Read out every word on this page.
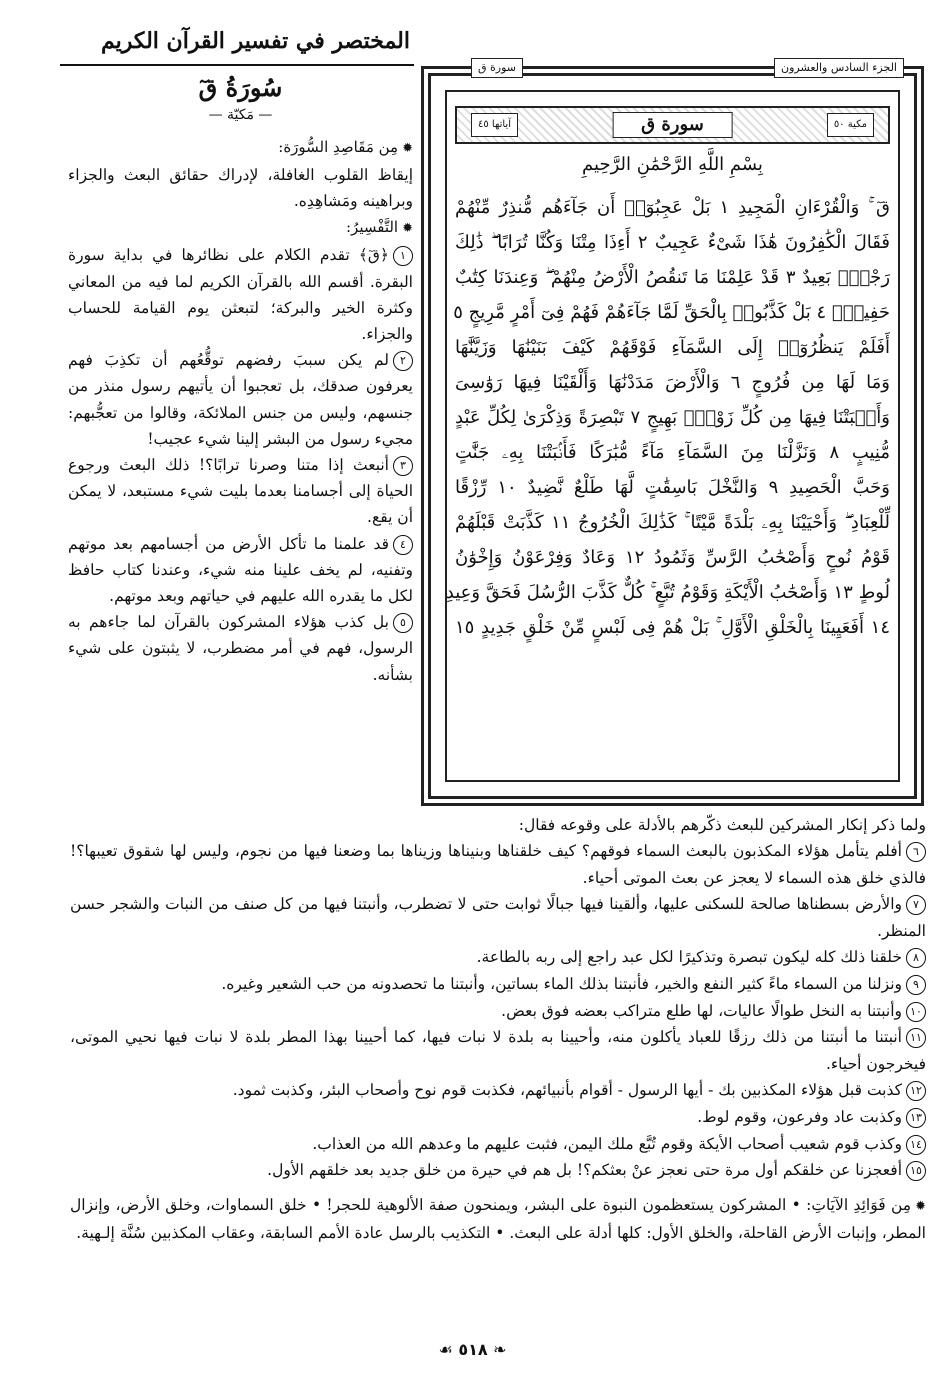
المختصر في تفسير القرآن الكريم
الجزء السادس والعشرون
سورة ق
مكية ٥٠
سورة ق
آياتها ٤٥
بِسْمِ اللَّهِ الرَّحْمَٰنِ الرَّحِيمِ
قٓ ۚ وَالْقُرْءَانِ الْمَجِيدِ ١ بَلْ عَجِبُوٓا۟ أَن جَآءَهُم مُّنذِرٌ مِّنْهُمْ
فَقَالَ الْكَٰفِرُونَ هَٰذَا شَىْءٌ عَجِيبٌ ٢ أَءِذَا مِتْنَا وَكُنَّا تُرَابًا ۖ ذَٰلِكَ
رَجْعٌۢ بَعِيدٌ ٣ قَدْ عَلِمْنَا مَا تَنقُصُ الْأَرْضُ مِنْهُمْ ۖ وَعِندَنَا كِتَٰبٌ
حَفِيظٌۢ ٤ بَلْ كَذَّبُوا۟ بِالْحَقِّ لَمَّا جَآءَهُمْ فَهُمْ فِىٓ أَمْرٍ مَّرِيجٍ ٥
أَفَلَمْ يَنظُرُوٓا۟ إِلَى السَّمَآءِ فَوْقَهُمْ كَيْفَ بَنَيْنَٰهَا وَزَيَّنَّٰهَا
وَمَا لَهَا مِن فُرُوجٍ ٦ وَالْأَرْضَ مَدَدْنَٰهَا وَأَلْقَيْنَا فِيهَا رَوَٰسِىَ
وَأَنۢبَتْنَا فِيهَا مِن كُلِّ زَوْجٍۭ بَهِيجٍ ٧ تَبْصِرَةً وَذِكْرَىٰ لِكُلِّ عَبْدٍ
مُّنِيبٍ ٨ وَنَزَّلْنَا مِنَ السَّمَآءِ مَآءً مُّبَٰرَكًا فَأَنۢبَتْنَا بِهِۦ جَنَّٰتٍ
وَحَبَّ الْحَصِيدِ ٩ وَالنَّخْلَ بَاسِقَٰتٍ لَّهَا طَلْعٌ نَّضِيدٌ ١٠ رِّزْقًا
لِّلْعِبَادِ ۖ وَأَحْيَيْنَا بِهِۦ بَلْدَةً مَّيْتًا ۚ كَذَٰلِكَ الْخُرُوجُ ١١ كَذَّبَتْ قَبْلَهُمْ
قَوْمُ نُوحٍ وَأَصْحَٰبُ الرَّسِّ وَثَمُودُ ١٢ وَعَادٌ وَفِرْعَوْنُ وَإِخْوَٰنُ
لُوطٍ ١٣ وَأَصْحَٰبُ الْأَيْكَةِ وَقَوْمُ تُبَّعٍ ۚ كُلٌّ كَذَّبَ الرُّسُلَ فَحَقَّ وَعِيدِ
١٤ أَفَعَيِينَا بِالْخَلْقِ الْأَوَّلِ ۚ بَلْ هُمْ فِى لَبْسٍ مِّنْ خَلْقٍ جَدِيدٍ ١٥
سُورَةُ قٓ
— مَكيّة —
✹مِن مَقَاصِدِ السُّورَة:

إيقاظ القلوب الغافلة، لإدراك حقائق البعث والجزاء وبراهينه ومَشاهِدِه.

✹التَّفْسِيرُ:

١﴿قٓ﴾ تقدم الكلام على نظائرها في بداية سورة البقرة. أقسم الله بالقرآن الكريم لما فيه من المعاني وكثرة الخير والبركة؛ لتبعثن يوم القيامة للحساب والجزاء.

٢لم يكن سببَ رفضهم توقُّعُهم أن تكذِبَ فهم يعرفون صدقك، بل تعجبوا أن يأتيهم رسول منذر من جنسهم، وليس من جنس الملائكة، وقالوا من تعجُّبهم: مجيء رسول من البشر إلينا شيء عجيب!

٣أنبعث إذا متنا وصرنا ترابًا؟! ذلك البعث ورجوع الحياة إلى أجسامنا بعدما بليت شيء مستبعد، لا يمكن أن يقع.

٤قد علمنا ما تأكل الأرض من أجسامهم بعد موتهم وتفنيه، لم يخف علينا منه شيء، وعندنا كتاب حافظ لكل ما يقدره الله عليهم في حياتهم وبعد موتهم.

٥بل كذب هؤلاء المشركون بالقرآن لما جاءهم به الرسول، فهم في أمر مضطرب، لا يثبتون على شيء بشأنه.

ولما ذكر إنكار المشركين للبعث ذكّرهم بالأدلة على وقوعه فقال:

٦أفلم يتأمل هؤلاء المكذبون بالبعث السماء فوقهم؟ كيف خلقناها وبنيناها وزيناها بما وضعنا فيها من نجوم، وليس لها شقوق تعيبها؟! فالذي خلق هذه السماء لا يعجز عن بعث الموتى أحياء.

٧والأرض بسطناها صالحة للسكنى عليها، وألقينا فيها جبالًا ثوابت حتى لا تضطرب، وأنبتنا فيها من كل صنف من النبات والشجر حسن المنظر.

٨خلقنا ذلك كله ليكون تبصرة وتذكيرًا لكل عبد راجع إلى ربه بالطاعة.

٩ونزلنا من السماء ماءً كثير النفع والخير، فأنبتنا بذلك الماء بساتين، وأنبتنا ما تحصدونه من حب الشعير وغيره.

١٠وأنبتنا به النخل طوالًا عاليات، لها طلع متراكب بعضه فوق بعض.

١١أنبتنا ما أنبتنا من ذلك رزقًا للعباد يأكلون منه، وأحيينا به بلدة لا نبات فيها، كما أحيينا بهذا المطر بلدة لا نبات فيها نحيي الموتى، فيخرجون أحياء.

١٢كذبت قبل هؤلاء المكذبين بك - أيها الرسول - أقوام بأنبيائهم، فكذبت قوم نوح وأصحاب البئر، وكذبت ثمود.

١٣وكذبت عاد وفرعون، وقوم لوط.

١٤وكذب قوم شعيب أصحاب الأيكة وقوم تُبَّع ملك اليمن، فثبت عليهم ما وعدهم الله من العذاب.

١٥أفعجزنا عن خلقكم أول مرة حتى نعجز عنْ بعثكم؟! بل هم في حيرة من خلق جديد بعد خلقهم الأول.

✹مِن فَوَائِدِ الآيَاتِ: • المشركون يستعظمون النبوة على البشر، ويمنحون صفة الألوهية للحجر! • خلق السماوات، وخلق الأرض، وإنزال المطر، وإنبات الأرض القاحلة، والخلق الأول: كلها أدلة على البعث. • التكذيب بالرسل عادة الأمم السابقة، وعقاب المكذبين سُنَّة إلـهية.
❧ ٥١٨ ☙
